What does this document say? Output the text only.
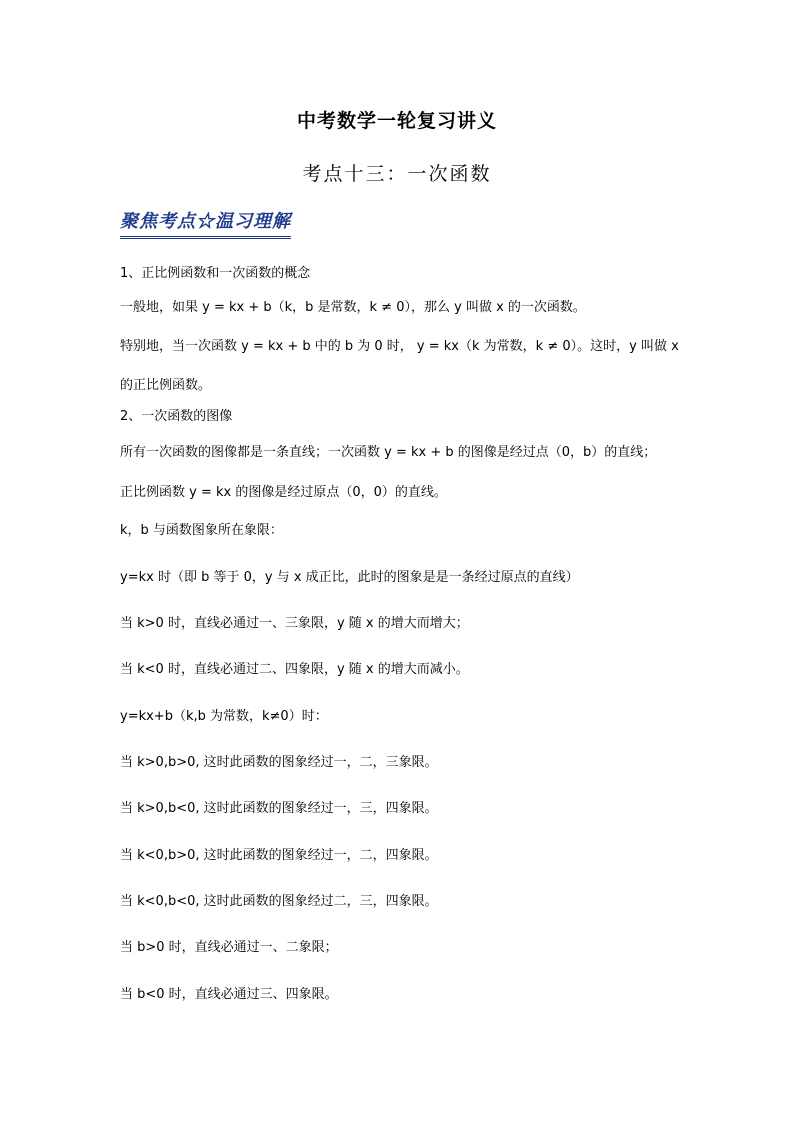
中考数学一轮复习讲义
考点十三：一次函数
聚焦考点☆温习理解
1、正比例函数和一次函数的概念
一般地，如果 y = kx + b（k，b 是常数，k ≠ 0），那么 y 叫做 x 的一次函数。
特别地，当一次函数 y = kx + b 中的 b 为 0 时， y = kx（k 为常数，k ≠ 0）。这时，y 叫做 x
的正比例函数。
2、一次函数的图像
所有一次函数的图像都是一条直线；一次函数 y = kx + b 的图像是经过点（0，b）的直线；
正比例函数 y = kx 的图像是经过原点（0，0）的直线。
k，b 与函数图象所在象限：
y=kx 时（即 b 等于 0，y 与 x 成正比，此时的图象是是一条经过原点的直线）
当 k>0 时，直线必通过一、三象限，y 随 x 的增大而增大；
当 k<0 时，直线必通过二、四象限，y 随 x 的增大而减小。
y=kx+b（k,b 为常数，k≠0）时：
当 k>0,b>0, 这时此函数的图象经过一，二，三象限。
当 k>0,b<0, 这时此函数的图象经过一，三，四象限。
当 k<0,b>0, 这时此函数的图象经过一，二，四象限。
当 k<0,b<0, 这时此函数的图象经过二，三，四象限。
当 b>0 时，直线必通过一、二象限；
当 b<0 时，直线必通过三、四象限。
